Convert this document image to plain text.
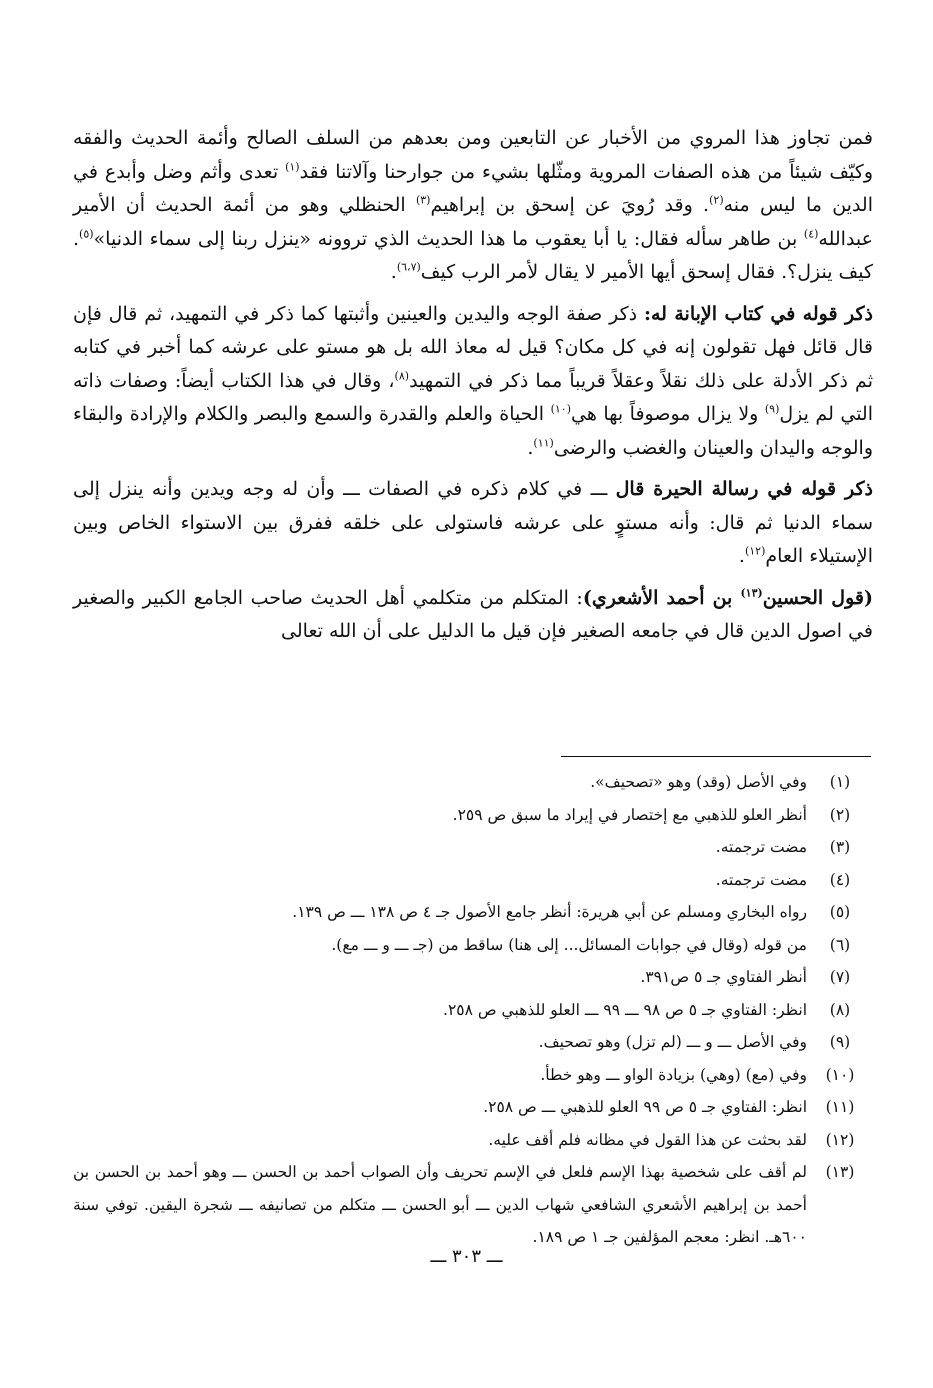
فمن تجاوز هذا المروي من الأخبار عن التابعين ومن بعدهم من السلف الصالح وأئمة الحديث والفقه وكيّف شيئاً من هذه الصفات المروية ومثّلها بشيء من جوارحنا وآلاتنا فقد$^{(١)}$ تعدى وأثم وضل وأبدع في الدين ما ليس منه$^{(٢)}$. وقد رُويَ عن إسحق بن إبراهيم$^{(٣)}$ الحنظلي وهو من أئمة الحديث أن الأمير عبدالله$^{(٤)}$ بن طاهر سأله فقال: يا أبا يعقوب ما هذا الحديث الذي تروونه «ينزل ربنا إلى سماء الدنيا»$^{(٥)}$. كيف ينزل؟. فقال إسحق أيها الأمير لا يقال لأمر الرب كيف$^{(٦،٧)}$.

ذكر قوله في كتاب الإبانة له: ذكر صفة الوجه واليدين والعينين وأثبتها كما ذكر في التمهيد، ثم قال فإن قال قائل فهل تقولون إنه في كل مكان؟ قيل له معاذ الله بل هو مستو على عرشه كما أخبر في كتابه ثم ذكر الأدلة على ذلك نقلاً وعقلاً قريباً مما ذكر في التمهيد$^{(٨)}$، وقال في هذا الكتاب أيضاً: وصفات ذاته التي لم يزل$^{(٩)}$ ولا يزال موصوفاً بها هي$^{(١٠)}$ الحياة والعلم والقدرة والسمع والبصر والكلام والإرادة والبقاء والوجه واليدان والعينان والغضب والرضى$^{(١١)}$.

ذكر قوله في رسالة الحيرة قال ـــ في كلام ذكره في الصفات ـــ وأن له وجه ويدين وأنه ينزل إلى سماء الدنيا ثم قال: وأنه مستوٍ على عرشه فاستولى على خلقه ففرق بين الاستواء الخاص وبين الإستيلاء العام$^{(١٢)}$.

(قول الحسين$^{(١٣)}$ بن أحمد الأشعري): المتكلم من متكلمي أهل الحديث صاحب الجامع الكبير والصغير في اصول الدين قال في جامعه الصغير فإن قيل ما الدليل على أن الله تعالى

(١)
وفي الأصل (وقد) وهو «تصحيف».
(٢)
أنظر العلو للذهبي مع إختصار في إيراد ما سبق ص ٢٥٩.
(٣)
مضت ترجمته.
(٤)
مضت ترجمته.
(٥)
رواه البخاري ومسلم عن أبي هريرة: أنظر جامع الأصول جـ ٤ ص ١٣٨ ـــ ص ١٣٩.
(٦)
من قوله (وقال في جوابات المسائل... إلى هنا) ساقط من (جـ ـــ و ـــ مع).
(٧)
أنظر الفتاوي جـ ٥ ص٣٩١.
(٨)
انظر: الفتاوي جـ ٥ ص ٩٨ ـــ ٩٩ ـــ العلو للذهبي ص ٢٥٨.
(٩)
وفي الأصل ـــ و ـــ (لم تزل) وهو تصحيف.
(١٠)
وفي (مع) (وهي) بزيادة الواو ـــ وهو خطأ.
(١١)
انظر: الفتاوي جـ ٥ ص ٩٩ العلو للذهبي ـــ ص ٢٥٨.
(١٢)
لقد بحثت عن هذا القول في مظانه فلم أقف عليه.
(١٣)
لم أقف على شخصية بهذا الإسم فلعل في الإسم تحريف وأن الصواب أحمد بن الحسن ـــ وهو أحمد بن الحسن بن أحمد بن إبراهيم الأشعري الشافعي شهاب الدين ـــ أبو الحسن ـــ متكلم من تصانيفه ـــ شجرة اليقين. توفي سنة ٦٠٠هـ. انظر: معجم المؤلفين جـ ١ ص ١٨٩.
ـــ ٣٠٣ ـــ
